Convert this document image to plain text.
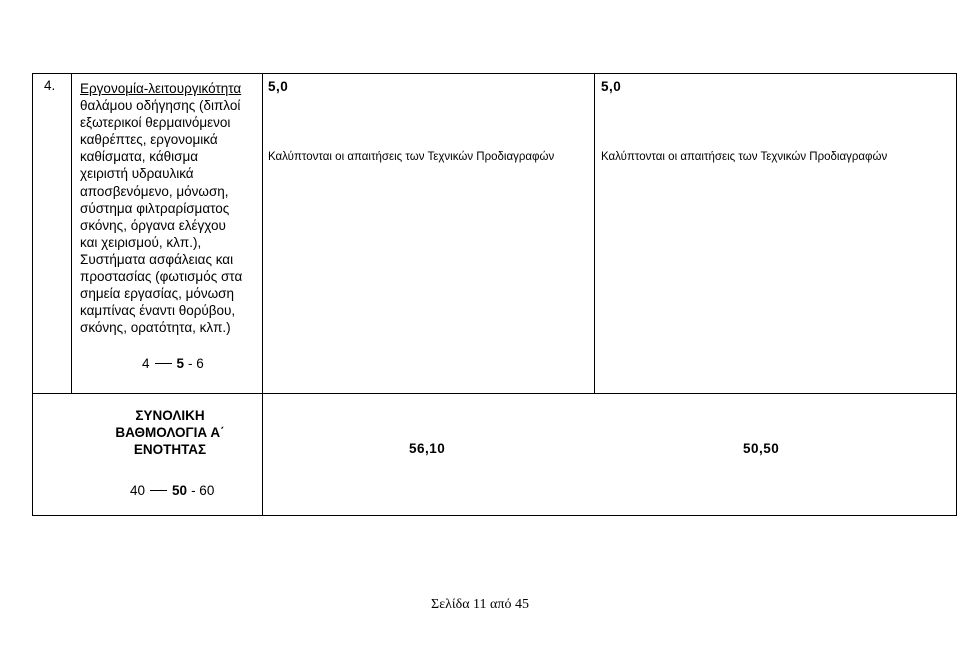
4. Εργονομία-λειτουργικότητα
θαλάμου οδήγησης (διπλοί
εξωτερικοί θερμαινόμενοι
καθρέπτες, εργονομικά
καθίσματα, κάθισμα
χειριστή υδραυλικά
αποσβενόμενο, μόνωση,
σύστημα φιλτραρίσματος
σκόνης, όργανα ελέγχου
και χειρισμού, κλπ.),
Συστήματα ασφάλειας και
προστασίας (φωτισμός στα
σημεία εργασίας, μόνωση
καμπίνας έναντι θορύβου,
σκόνης, ορατότητα, κλπ.)
4 5 - 6
5,0
Καλύπτονται οι απαιτήσεις των Τεχνικών Προδιαγραφών
5,0
Καλύπτονται οι απαιτήσεις των Τεχνικών Προδιαγραφών
ΣΥΝΟΛΙΚΗ
ΒΑΘΜΟΛΟΓΙΑ Α΄
ΕΝΟΤΗΤΑΣ	56,10	50,50
40 50 - 60
Σελίδα 11 από 45
